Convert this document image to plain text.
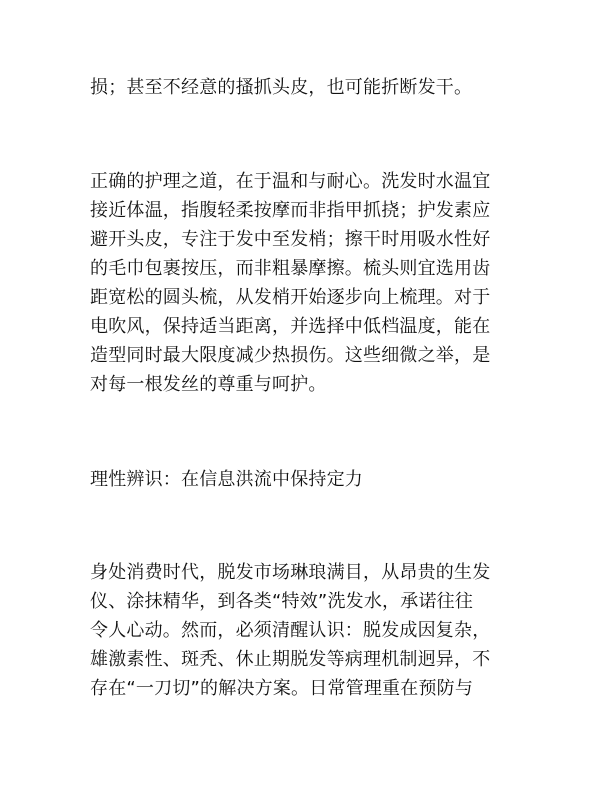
损；甚至不经意的搔抓头皮，也可能折断发干。
正确的护理之道，在于温和与耐心。洗发时水温宜
接近体温，指腹轻柔按摩而非指甲抓挠；护发素应
避开头皮，专注于发中至发梢；擦干时用吸水性好
的毛巾包裹按压，而非粗暴摩擦。梳头则宜选用齿
距宽松的圆头梳，从发梢开始逐步向上梳理。对于
电吹风，保持适当距离，并选择中低档温度，能在
造型同时最大限度减少热损伤。这些细微之举，是
对每一根发丝的尊重与呵护。
理性辨识：在信息洪流中保持定力
身处消费时代，脱发市场琳琅满目，从昂贵的生发
仪、涂抹精华，到各类“特效”洗发水，承诺往往
令人心动。然而，必须清醒认识：脱发成因复杂，
雄激素性、斑秃、休止期脱发等病理机制迥异，不
存在“一刀切”的解决方案。日常管理重在预防与
